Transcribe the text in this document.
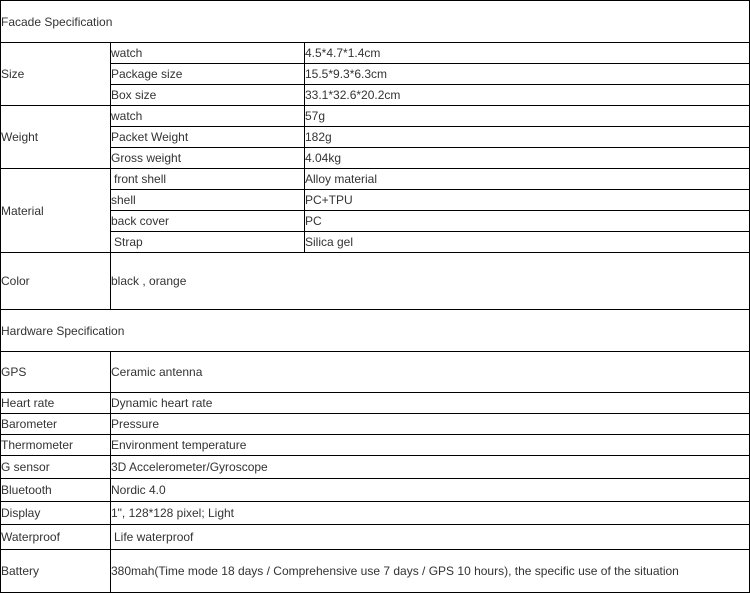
Facade Specification		
Size	watch	4.5*4.7*1.4cm
	Package size	15.5*9.3*6.3cm
	Box size	33.1*32.6*20.2cm
Weight	watch	57g
	Packet Weight	182g
	Gross weight	4.04kg
Material	front shell	Alloy material
	shell	PC+TPU
	back cover	PC
	Strap	Silica gel
Color	black , orange	
Hardware Specification		
GPS	Ceramic antenna	
Heart rate	Dynamic heart rate	
Barometer	Pressure	
Thermometer	Environment temperature	
G sensor	3D Accelerometer/Gyroscope	
Bluetooth	Nordic 4.0	
Display	1", 128*128 pixel; Light	
Waterproof	Life waterproof	
Battery	380mah(Time mode 18 days / Comprehensive use 7 days / GPS 10 hours), the specific use of the situation	
